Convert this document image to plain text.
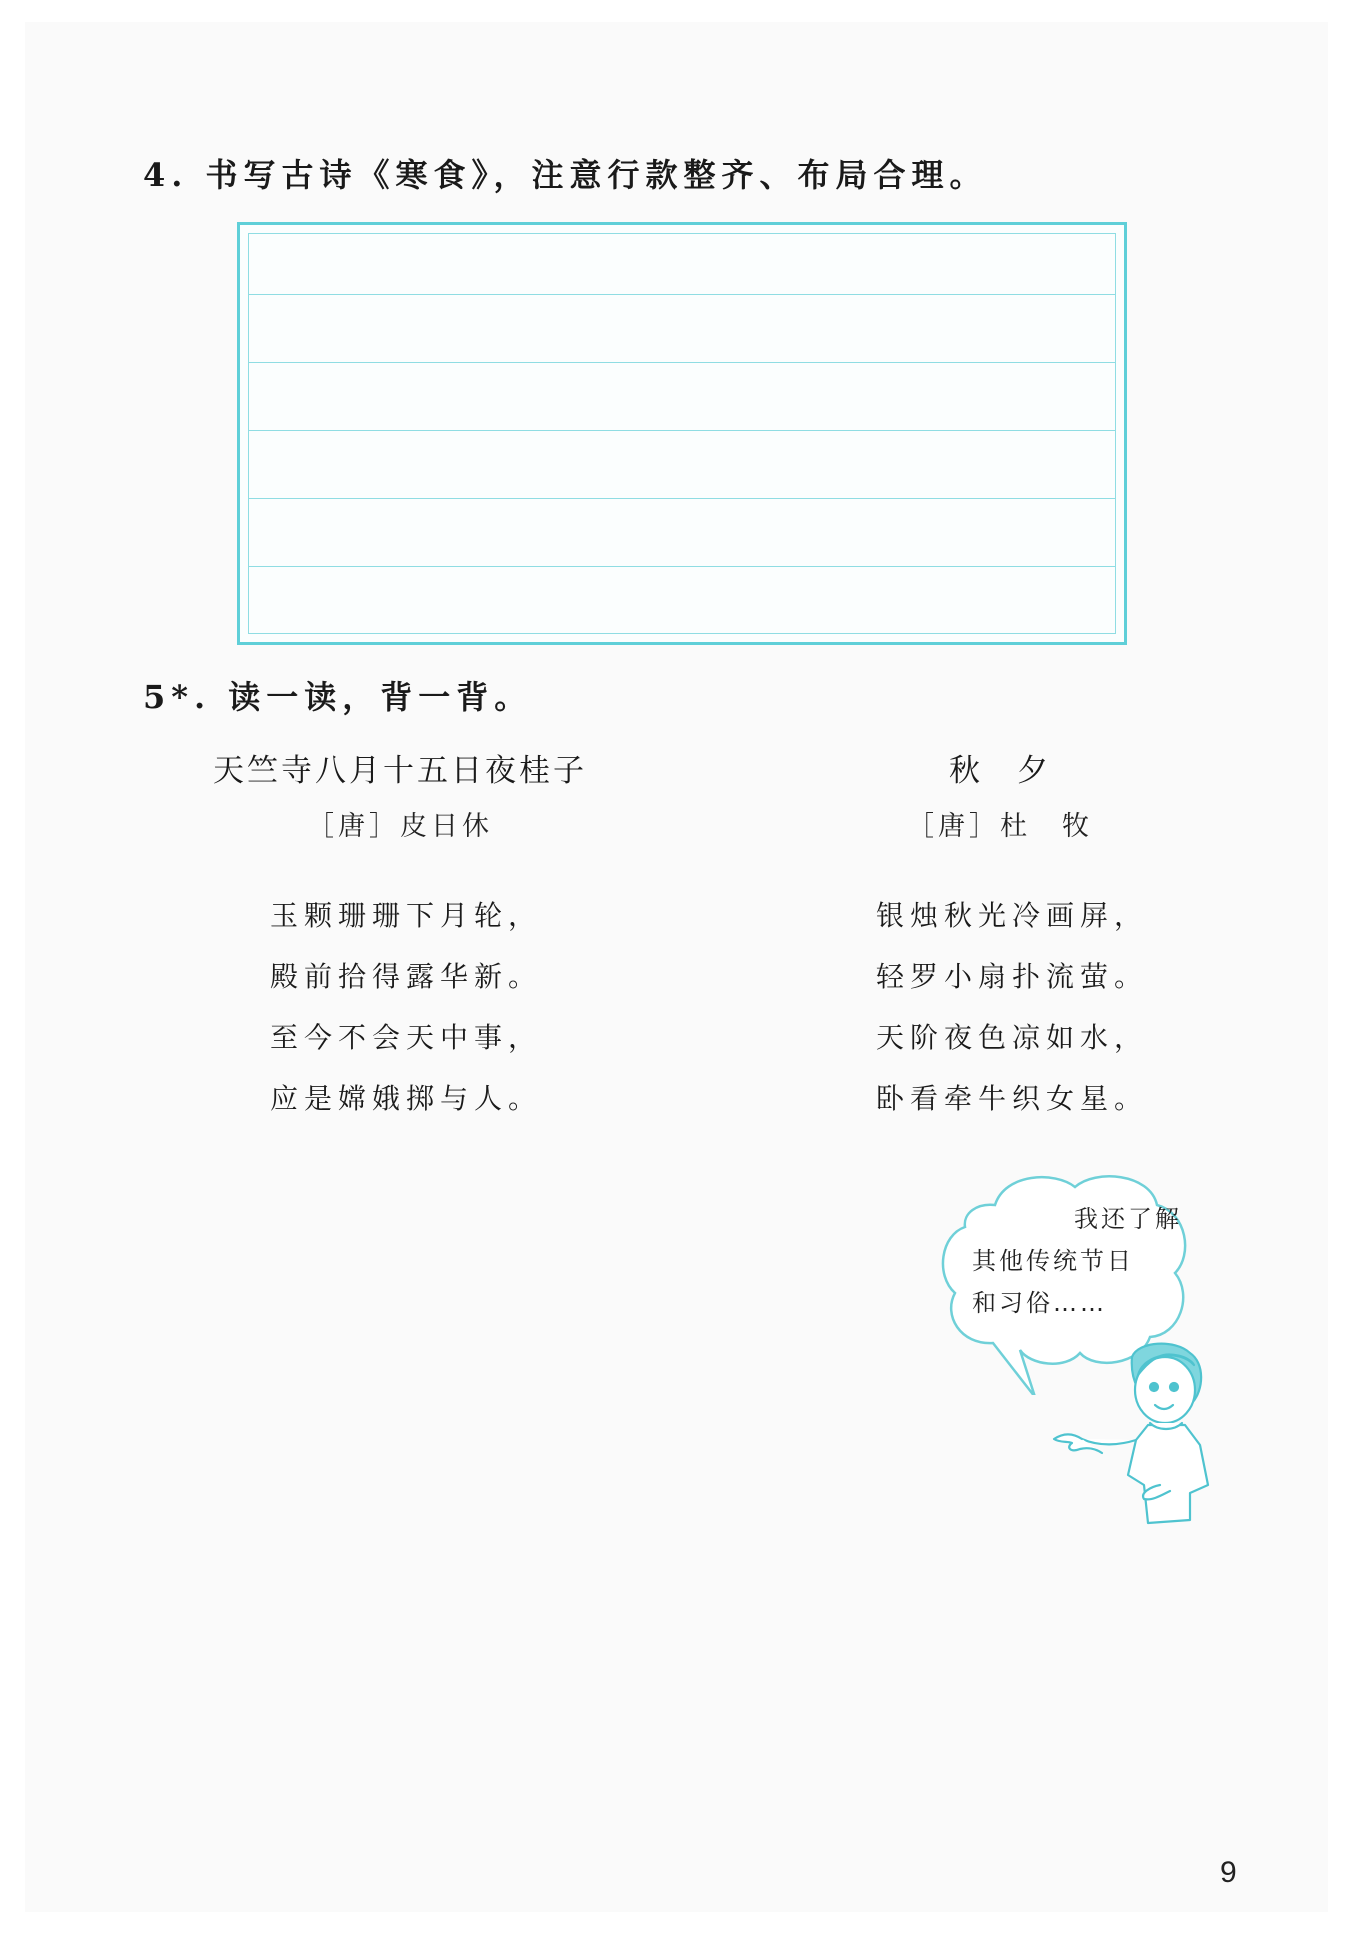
4. 书写古诗《寒食》，注意行款整齐、布局合理。
5*. 读一读，背一背。
天竺寺八月十五日夜桂子
［唐］皮日休
玉颗珊珊下月轮，
殿前拾得露华新。
至今不会天中事，
应是嫦娥掷与人。
秋　夕
［唐］杜　牧
银烛秋光冷画屏，
轻罗小扇扑流萤。
天阶夜色凉如水，
卧看牵牛织女星。
我还了解
其他传统节日
和习俗……
9
